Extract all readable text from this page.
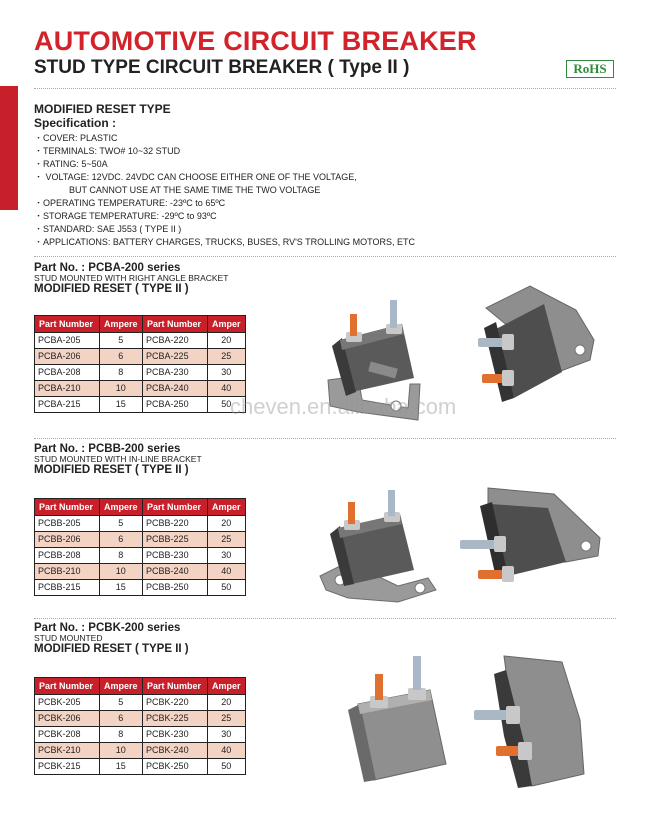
AUTOMOTIVE CIRCUIT BREAKER
STUD TYPE CIRCUIT BREAKER ( Type II )	RoHS
MODIFIED RESET TYPE
Specification :
・COVER: PLASTIC
・TERMINALS: TWO# 10~32 STUD
・RATING: 5~50A
・ VOLTAGE: 12VDC. 24VDC CAN CHOOSE EITHER ONE OF THE VOLTAGE,
BUT CANNOT USE AT THE SAME TIME THE TWO VOLTAGE
・OPERATING TEMPERATURE: -23ºC to 65ºC
・STORAGE TEMPERATURE: -29ºC to 93ºC
・STANDARD: SAE J553 ( TYPE II )
・APPLICATIONS: BATTERY CHARGES, TRUCKS, BUSES, RV'S TROLLING MOTORS, ETC
Part No. : PCBA-200 series
STUD MOUNTED WITH RIGHT ANGLE BRACKET
MODIFIED RESET ( TYPE II )
Part Number	Ampere	Part Number	Amper
PCBA-205	5	PCBA-220	20
PCBA-206	6	PCBA-225	25
PCBA-208	8	PCBA-230	30
PCBA-210	10	PCBA-240	40
PCBA-215	15	PCBA-250	50
cheven.en.alibaba.com
Part No. : PCBB-200 series
STUD MOUNTED WITH IN-LINE BRACKET
MODIFIED RESET ( TYPE II )
Part Number	Ampere	Part Number	Amper
PCBB-205	5	PCBB-220	20
PCBB-206	6	PCBB-225	25
PCBB-208	8	PCBB-230	30
PCBB-210	10	PCBB-240	40
PCBB-215	15	PCBB-250	50
Part No. : PCBK-200 series
STUD MOUNTED
MODIFIED RESET ( TYPE II )
Part Number	Ampere	Part Number	Amper
PCBK-205	5	PCBK-220	20
PCBK-206	6	PCBK-225	25
PCBK-208	8	PCBK-230	30
PCBK-210	10	PCBK-240	40
PCBK-215	15	PCBK-250	50
